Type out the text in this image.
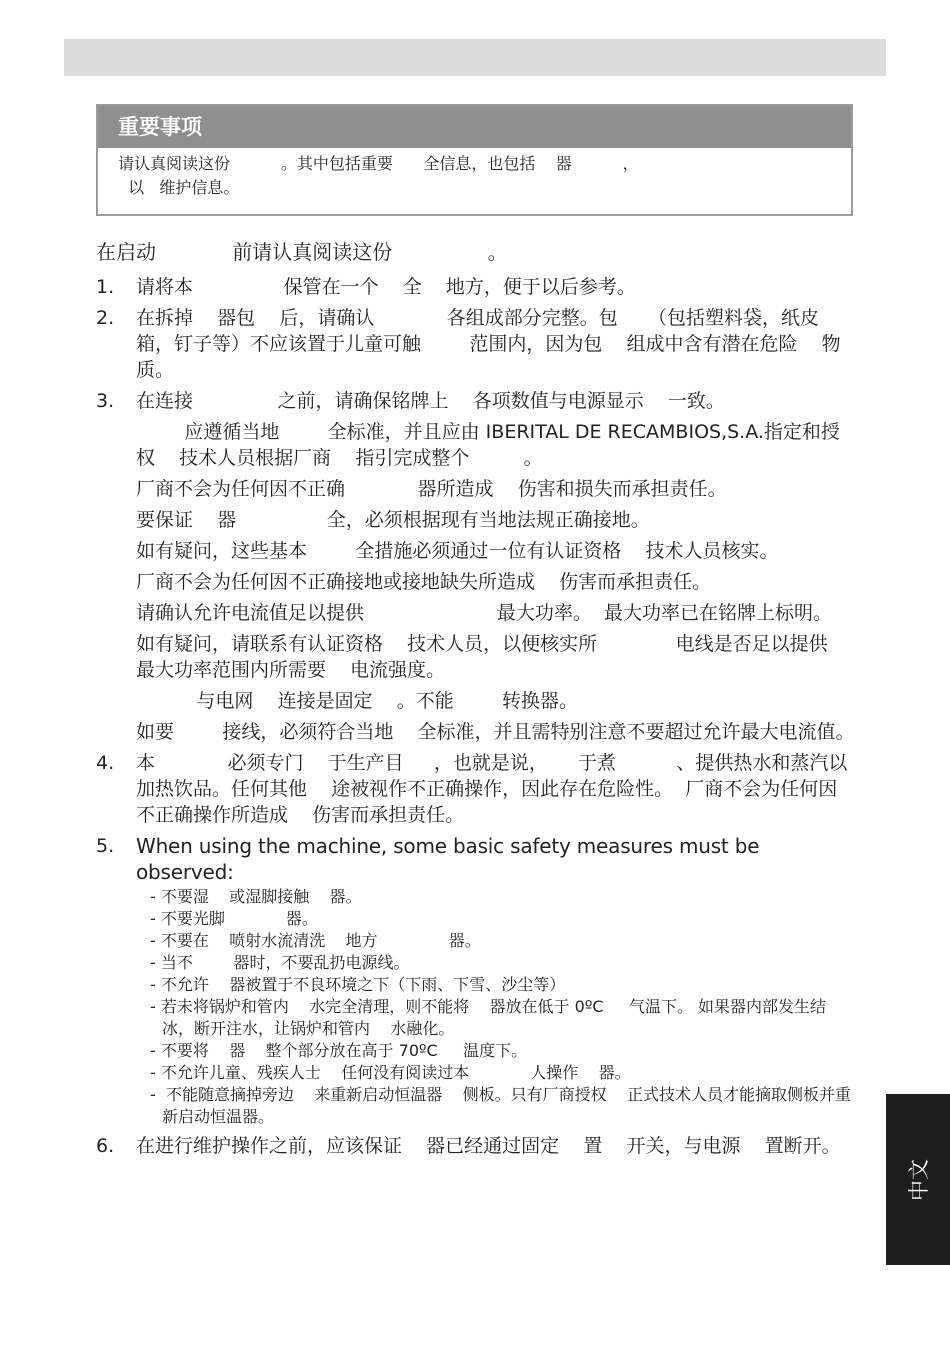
重要事项
请认真阅读这份          。其中包括重要      全信息，也包括    器          ，
以   维护信息。
在启动            前请认真阅读这份               。
1. 请将本               保管在一个    全    地方，便于以后参考。
2. 在拆掉    器包    后，请确认            各组成部分完整。包     （包括塑料袋，纸皮箱，钉子等）不应该置于儿童可触        范围内，因为包    组成中含有潜在危险    物质。
3. 在连接              之前，请确保铭牌上    各项数值与电源显示    一致。
应遵循当地        全标准，并且应由 IBERITAL DE RECAMBIOS,S.A.指定和授权    技术人员根据厂商    指引完成整个         。
厂商不会为任何因不正确            器所造成    伤害和损失而承担责任。
要保证    器               全，必须根据现有当地法规正确接地。
如有疑问，这些基本        全措施必须通过一位有认证资格    技术人员核实。
厂商不会为任何因不正确接地或接地缺失所造成    伤害而承担责任。
请确认允许电流值足以提供                      最大功率。  最大功率已在铭牌上标明。
如有疑问，请联系有认证资格    技术人员，以便核实所             电线是否足以提供            最大功率范围内所需要    电流强度。
与电网    连接是固定    。不能        转换器。
如要        接线，必须符合当地    全标准，并且需特别注意不要超过允许最大电流值。
4. 本            必须专门    于生产目     ，也就是说，     于煮          、提供热水和蒸汽以加热饮品。任何其他    途被视作不正确操作，因此存在危险性。  厂商不会为任何因不正确操作所造成    伤害而承担责任。
5. When using the machine, some basic safety measures must be observed:
- 不要湿    或湿脚接触    器。
- 不要光脚            器。
- 不要在    喷射水流清洗    地方              器。
- 当不        器时，不要乱扔电源线。
- 不允许    器被置于不良环境之下（下雨、下雪、沙尘等）
- 若未将锅炉和管内    水完全清理，则不能将    器放在低于 0ºC     气温下。 如果器内部发生结冰，断开注水，让锅炉和管内    水融化。
- 不要将    器    整个部分放在高于 70ºC     温度下。
- 不允许儿童、残疾人士    任何没有阅读过本            人操作    器。
-  不能随意摘掉旁边    来重新启动恒温器    侧板。只有厂商授权    正式技术人员才能摘取侧板并重新启动恒温器。
6. 在进行维护操作之前，应该保证    器已经通过固定    置    开关，与电源    置断开。
中文
